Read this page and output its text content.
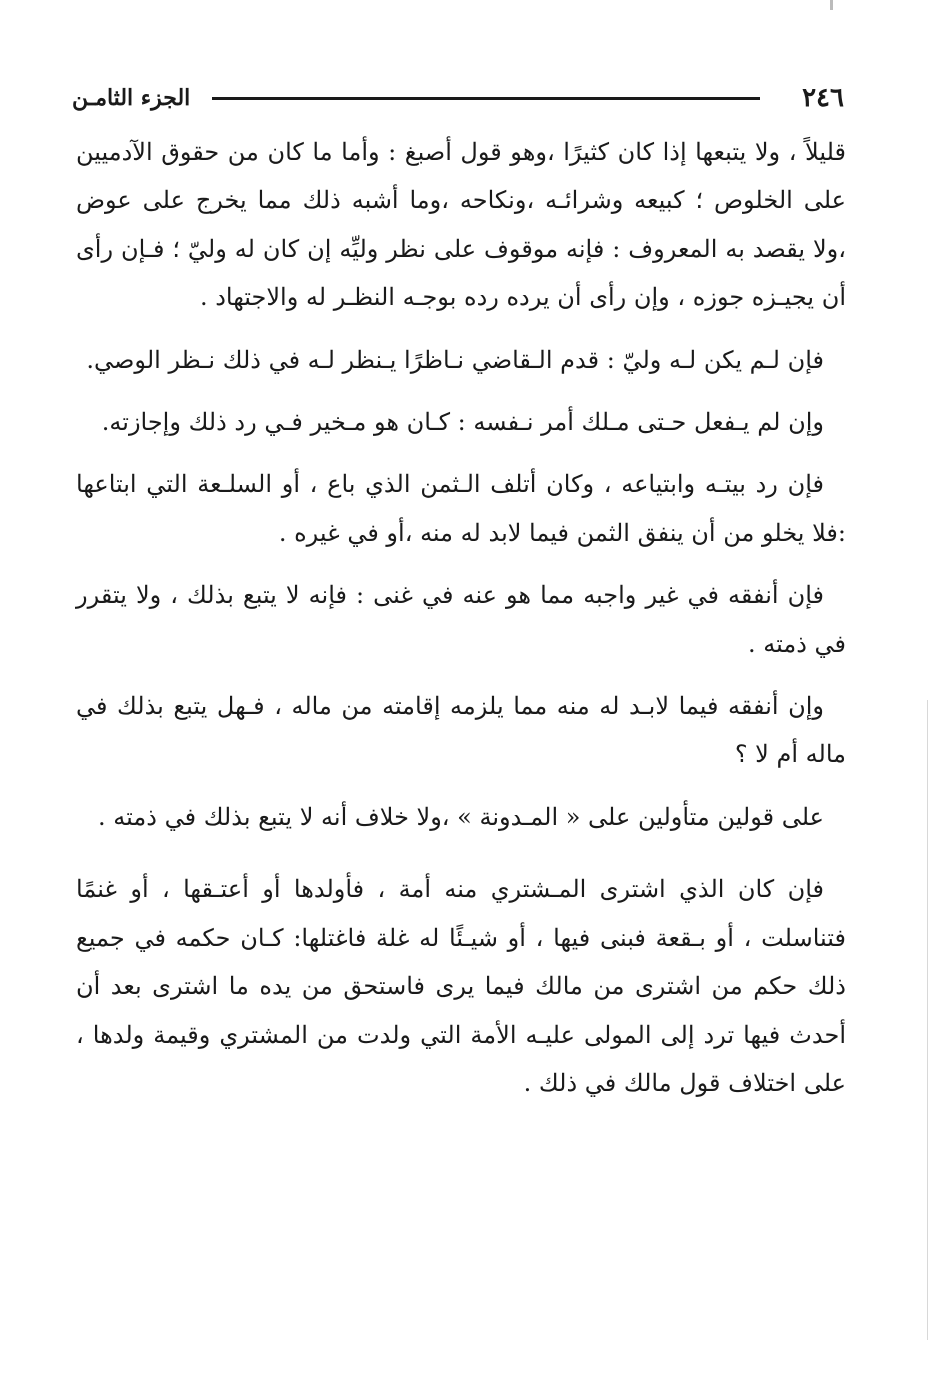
٢٤٦
الجزء الثامـن

قليلاً ، ولا يتبعها إذا كان كثيرًا ،وهو قول أصبغ : وأما ما كان من حقوق الآدميين على الخلوص ؛ كبيعه وشرائـه ،ونكاحه ،وما أشبه ذلك مما يخرج على عوض ،ولا يقصد به المعروف : فإنه موقوف على نظر وليِّه إن كان له وليّ ؛ فـإن رأى أن يجيـزه جوزه ، وإن رأى أن يرده رده بوجـه النظـر له والاجتهاد .

فإن لـم يكن لـه وليّ : قدم الـقاضي نـاظرًا يـنظر لـه في ذلك نـظر الوصي.

وإن لم يـفعل حـتى مـلك أمر نـفسه : كـان هو مـخير فـي رد ذلك وإجازته.

فإن رد بيتـه وابتياعه ، وكان أتلف الـثمن الذي باع ، أو السلـعة التي ابتاعها :فلا يخلو من أن ينفق الثمن فيما لابد له منه ،أو في غيره .

فإن أنفقه في غير واجبه مما هو عنه في غنى : فإنه لا يتبع بذلك ، ولا يتقرر في ذمته .

وإن أنفقه فيما لابـد له منه مما يلزمه إقامته من ماله ، فـهل يتبع بذلك في ماله أم لا ؟

على قولين متأولين على « المـدونة » ،ولا خلاف أنه لا يتبع بذلك في ذمته .

فإن كان الذي اشترى المـشتري منه أمة ، فأولدها أو أعتـقها ، أو غنمًا فتناسلت ، أو بـقعة فبنى فيها ، أو شيـئًا له غلة فاغتلها: كـان حكمه في جميع ذلك حكم من اشترى من مالك فيما يرى فاستحق من يده ما اشترى بعد أن أحدث فيها ترد إلى المولى عليـه الأمة التي ولدت من المشتري وقيمة ولدها ، على اختلاف قول مالك في ذلك .
